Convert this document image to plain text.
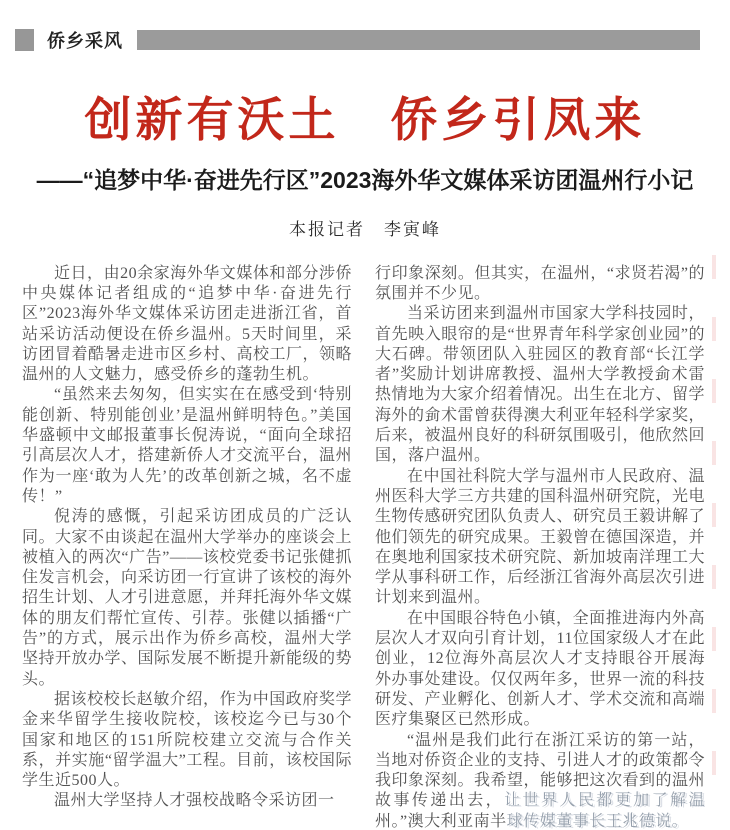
侨乡采风
创新有沃土　侨乡引凤来
——“追梦中华·奋进先行区”2023海外华文媒体采访团温州行小记
本报记者　李寅峰

近日，由20余家海外华文媒体和部分涉侨中央媒体记者组成的“追梦中华·奋进先行区”2023海外华文媒体采访团走进浙江省，首站采访活动便设在侨乡温州。5天时间里，采访团冒着酷暑走进市区乡村、高校工厂，领略温州的人文魅力，感受侨乡的蓬勃生机。

“虽然来去匆匆，但实实在在感受到‘特别能创新、特别能创业’是温州鲜明特色。”美国华盛顿中文邮报董事长倪涛说，“面向全球招引高层次人才，搭建新侨人才交流平台，温州作为一座‘敢为人先’的改革创新之城，名不虚传！”

倪涛的感慨，引起采访团成员的广泛认同。大家不由谈起在温州大学举办的座谈会上被植入的两次“广告”——该校党委书记张健抓住发言机会，向采访团一行宣讲了该校的海外招生计划、人才引进意愿，并拜托海外华文媒体的朋友们帮忙宣传、引荐。张健以插播“广告”的方式，展示出作为侨乡高校，温州大学坚持开放办学、国际发展不断提升新能级的势头。

据该校校长赵敏介绍，作为中国政府奖学金来华留学生接收院校，该校迄今已与30个国家和地区的151所院校建立交流与合作关系，并实施“留学温大”工程。目前，该校国际学生近500人。

温州大学坚持人才强校战略令采访团一

行印象深刻。但其实，在温州，“求贤若渴”的氛围并不少见。

当采访团来到温州市国家大学科技园时，首先映入眼帘的是“世界青年科学家创业园”的大石碑。带领团队入驻园区的教育部“长江学者”奖励计划讲席教授、温州大学教授侴术雷热情地为大家介绍着情况。出生在北方、留学海外的侴术雷曾获得澳大利亚年轻科学家奖，后来，被温州良好的科研氛围吸引，他欣然回国，落户温州。

在中国社科院大学与温州市人民政府、温州医科大学三方共建的国科温州研究院，光电生物传感研究团队负责人、研究员王毅讲解了他们领先的研究成果。王毅曾在德国深造，并在奥地利国家技术研究院、新加坡南洋理工大学从事科研工作，后经浙江省海外高层次引进计划来到温州。

在中国眼谷特色小镇，全面推进海内外高层次人才双向引育计划，11位国家级人才在此创业，12位海外高层次人才支持眼谷开展海外办事处建设。仅仅两年多，世界一流的科技研发、产业孵化、创新人才、学术交流和高端医疗集聚区已然形成。

“温州是我们此行在浙江采访的第一站，当地对侨资企业的支持、引进人才的政策都令我印象深刻。我希望，能够把这次看到的温州故事传递出去，让世界人民都更加了解温州。”澳大利亚南半球传媒董事长王兆德说。
